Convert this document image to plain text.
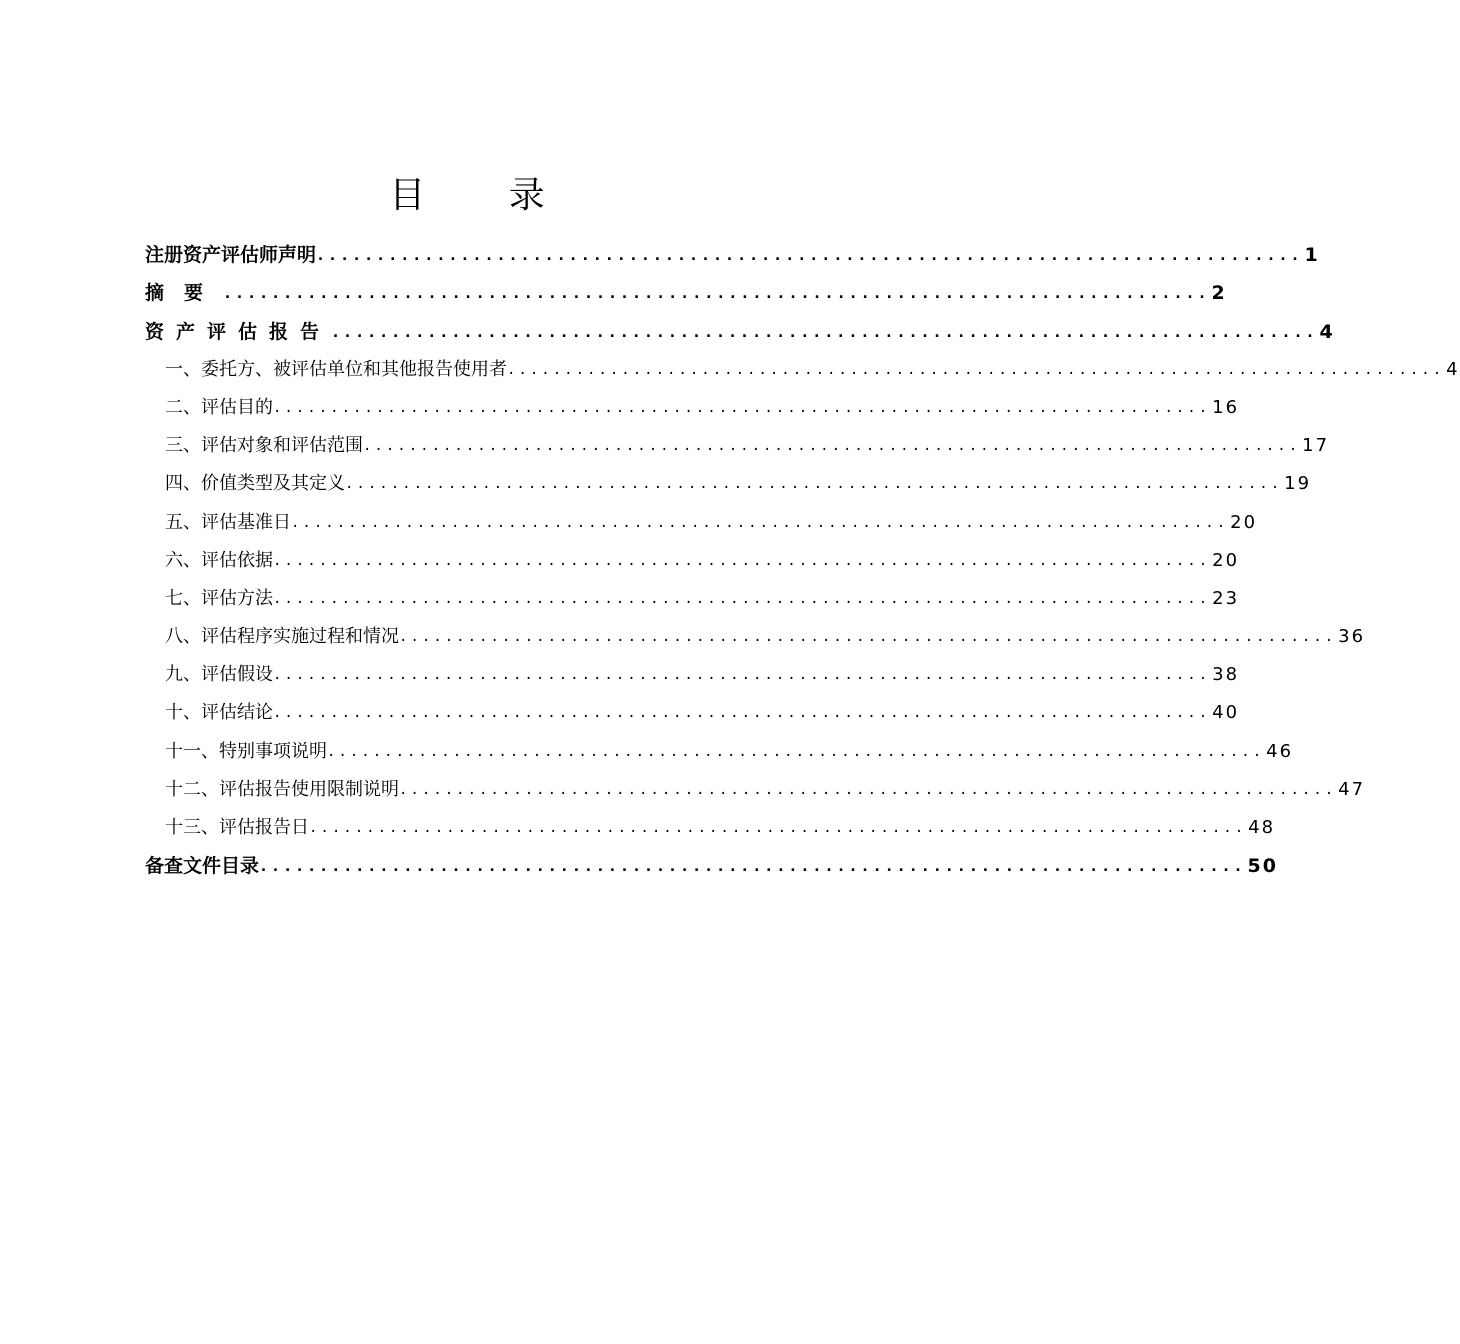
目 录
注册资产评估师声明 .................................................................................. 1
摘要 .................................................................................. 2
资产评估报告 .................................................................................. 4
一、委托方、被评估单位和其他报告使用者 .................................................................................. 4
二、评估目的 .................................................................................. 16
三、评估对象和评估范围 .................................................................................. 17
四、价值类型及其定义 .................................................................................. 19
五、评估基准日 .................................................................................. 20
六、评估依据 .................................................................................. 20
七、评估方法 .................................................................................. 23
八、评估程序实施过程和情况 .................................................................................. 36
九、评估假设 .................................................................................. 38
十、评估结论 .................................................................................. 40
十一、特别事项说明 .................................................................................. 46
十二、评估报告使用限制说明 .................................................................................. 47
十三、评估报告日 .................................................................................. 48
备查文件目录 .................................................................................. 50
